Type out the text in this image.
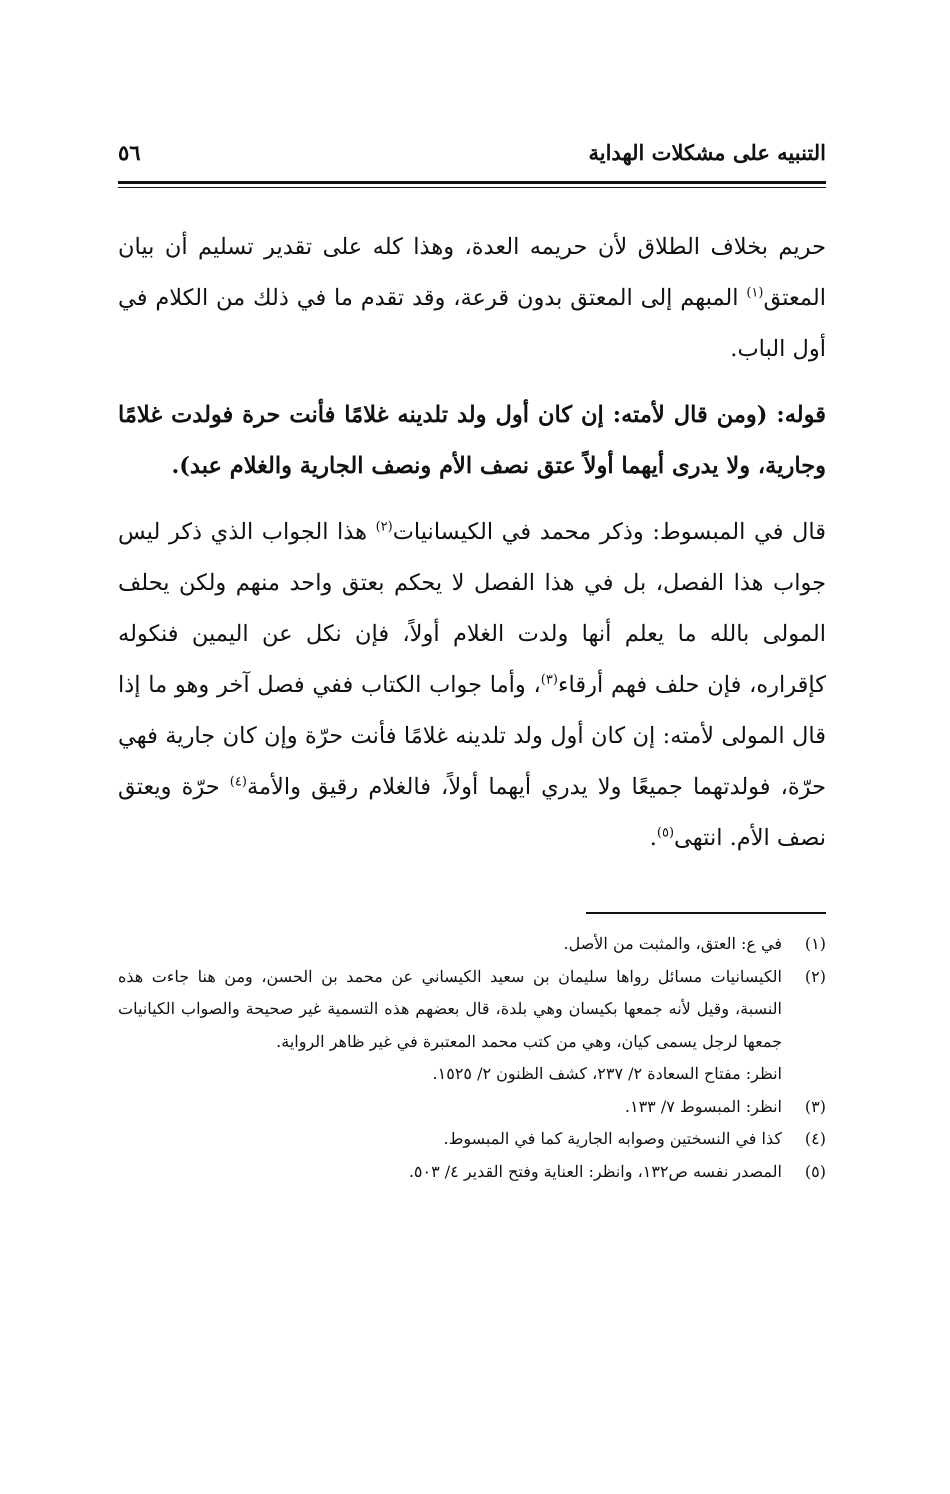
التنبيه على مشكلات الهداية
٥٦

حريم بخلاف الطلاق لأن حريمه العدة، وهذا كله على تقدير تسليم أن بيان المعتق$^{(١)}$ المبهم إلى المعتق بدون قرعة، وقد تقدم ما في ذلك من الكلام في أول الباب.

قوله: (ومن قال لأمته: إن كان أول ولد تلدينه غلامًا فأنت حرة فولدت غلامًا وجارية، ولا يدرى أيهما أولاً عتق نصف الأم ونصف الجارية والغلام عبد).

قال في المبسوط: وذكر محمد في الكيسانيات$^{(٢)}$ هذا الجواب الذي ذكر ليس جواب هذا الفصل، بل في هذا الفصل لا يحكم بعتق واحد منهم ولكن يحلف المولى بالله ما يعلم أنها ولدت الغلام أولاً، فإن نكل عن اليمين فنكوله كإقراره، فإن حلف فهم أرقاء$^{(٣)}$، وأما جواب الكتاب ففي فصل آخر وهو ما إذا قال المولى لأمته: إن كان أول ولد تلدينه غلامًا فأنت حرّة وإن كان جارية فهي حرّة، فولدتهما جميعًا ولا يدري أيهما أولاً، فالغلام رقيق والأمة$^{(٤)}$ حرّة ويعتق نصف الأم. انتهى$^{(٥)}$.

(١)
في ع: العتق، والمثبت من الأصل.
(٢)
الكيسانيات مسائل رواها سليمان بن سعيد الكيساني عن محمد بن الحسن، ومن هنا جاءت هذه النسبة، وقيل لأنه جمعها بكيسان وهي بلدة، قال بعضهم هذه التسمية غير صحيحة والصواب الكيانيات جمعها لرجل يسمى كيان، وهي من كتب محمد المعتبرة في غير ظاهر الرواية.
انظر: مفتاح السعادة ٢/ ٢٣٧، كشف الظنون ٢/ ١٥٢٥.
(٣)
انظر: المبسوط ٧/ ١٣٣.
(٤)
كذا في النسختين وصوابه الجارية كما في المبسوط.
(٥)
المصدر نفسه ص١٣٢، وانظر: العناية وفتح القدير ٤/ ٥٠٣.
